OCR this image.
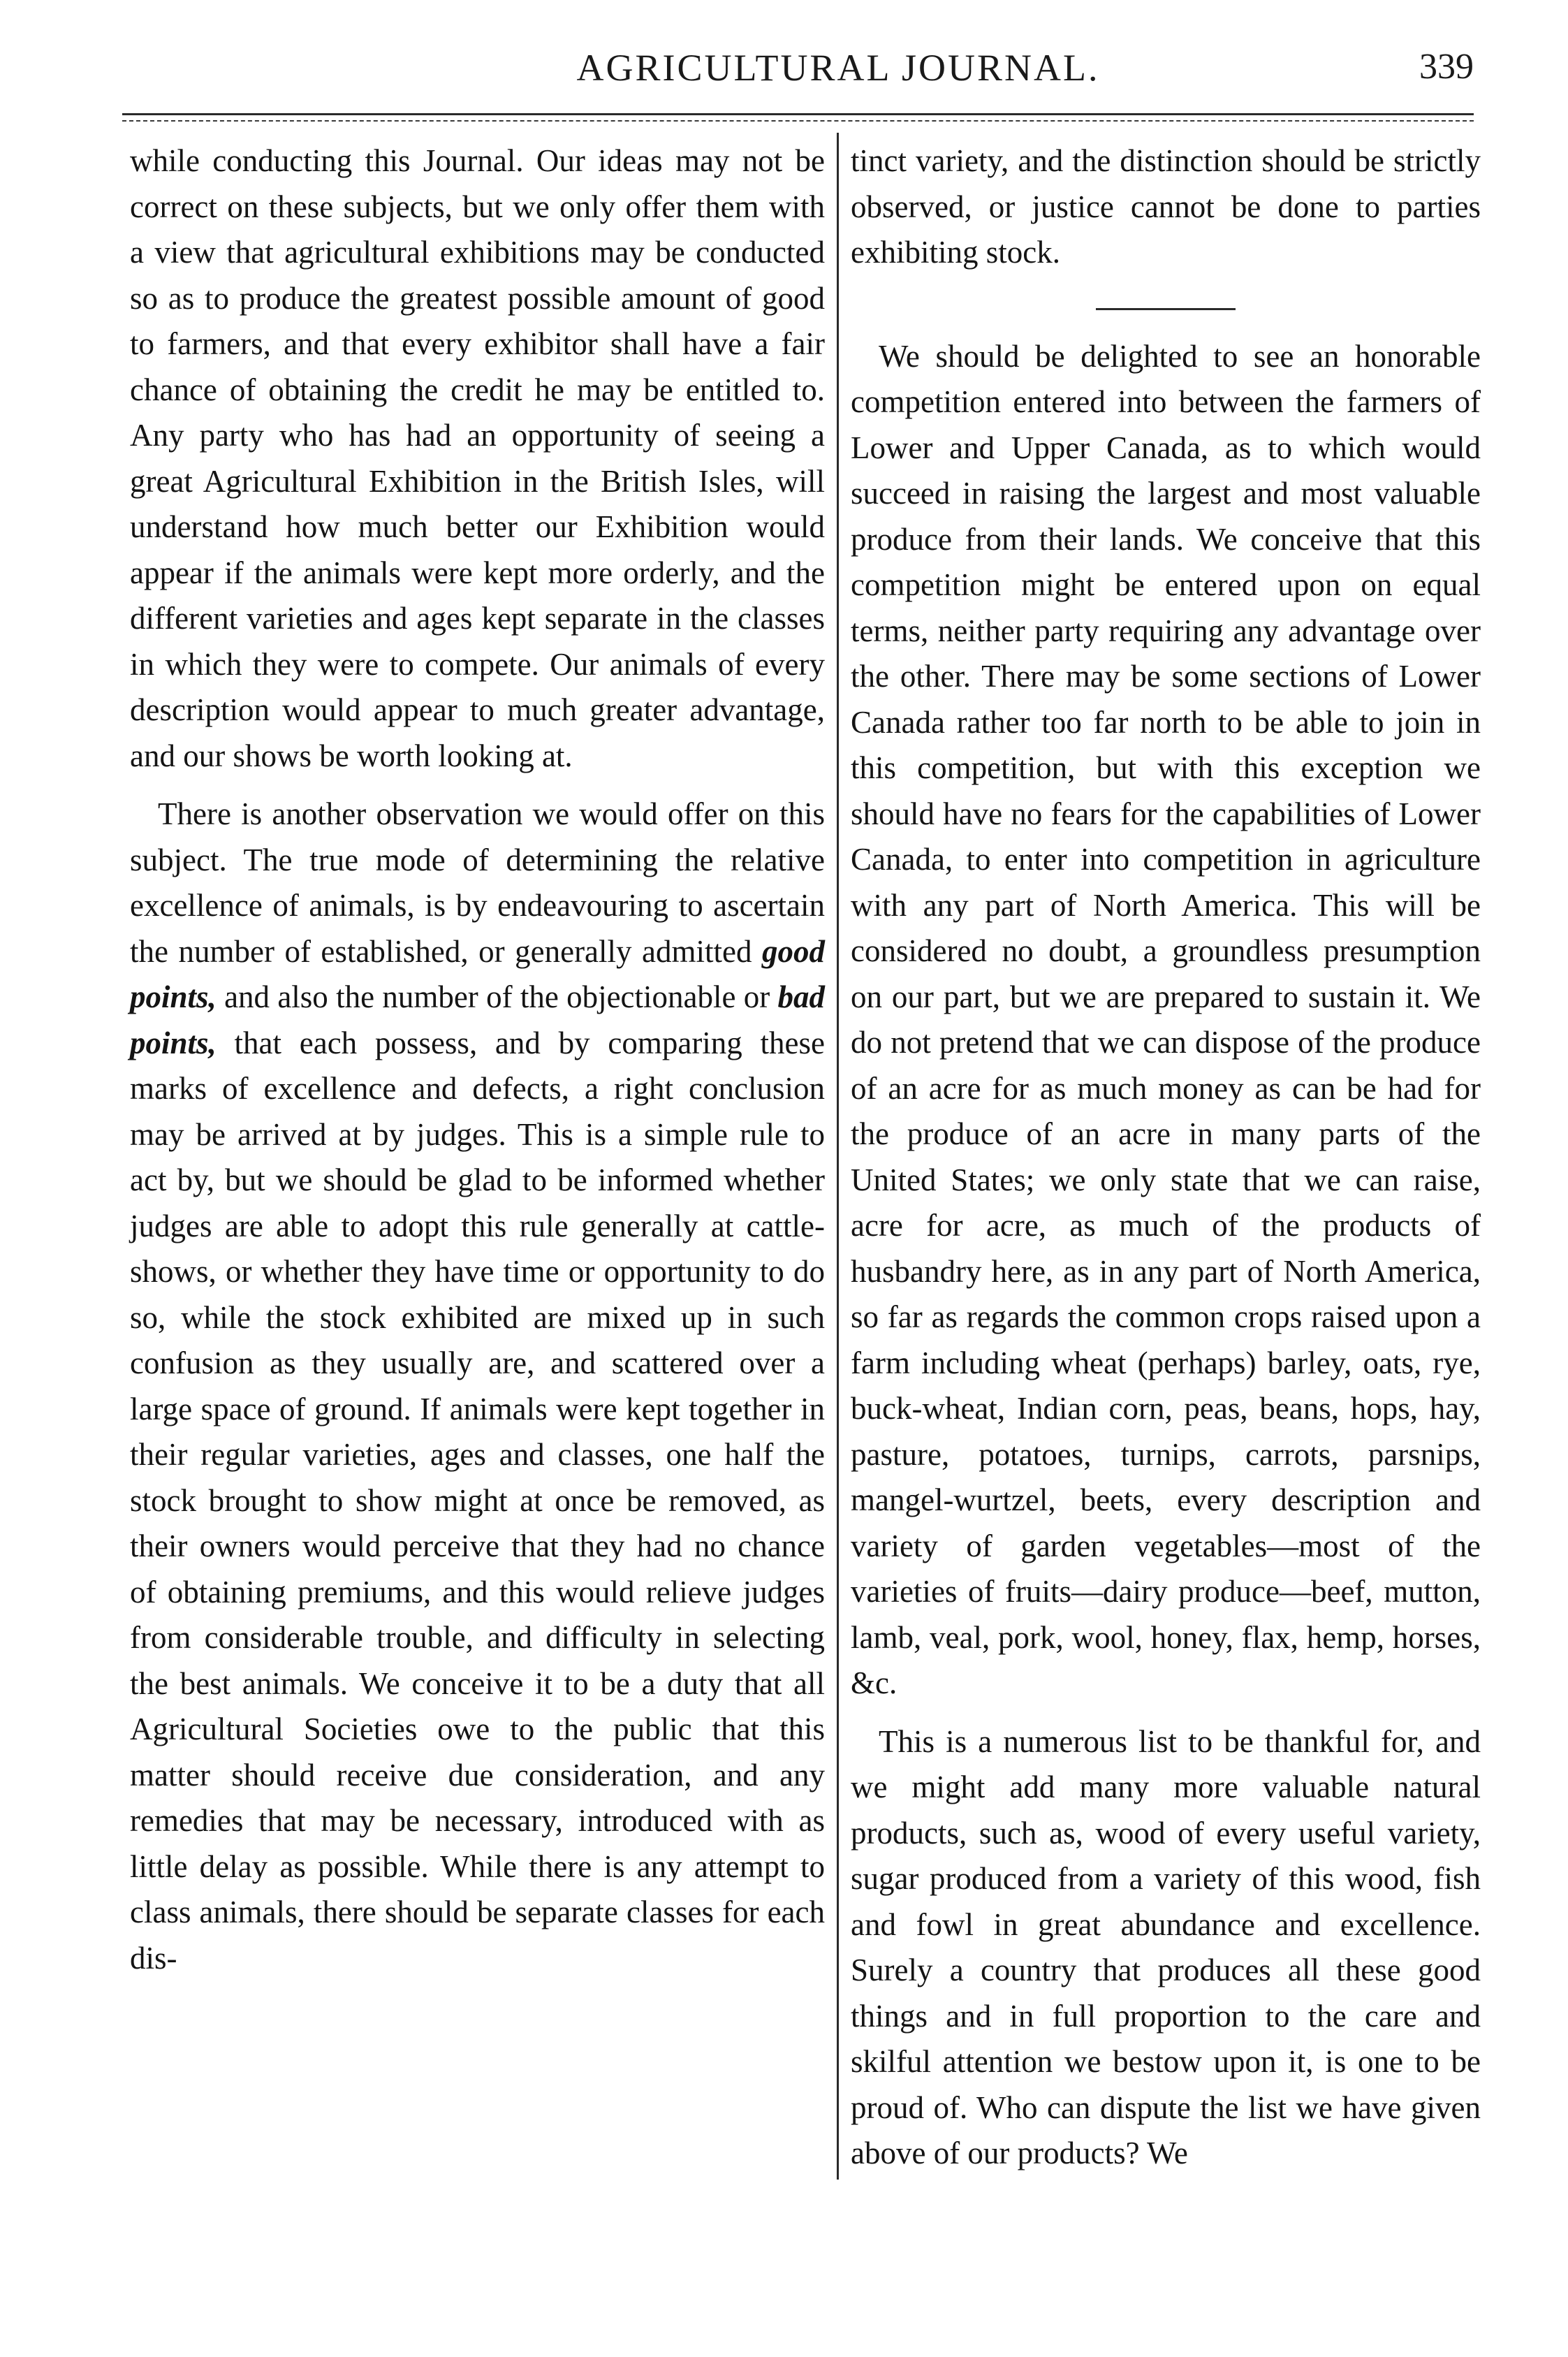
AGRICULTURAL JOURNAL.	339

while conducting this Journal. Our ideas may not be correct on these subjects, but we only offer them with a view that agricultural exhibitions may be conducted so as to produce the greatest possible amount of good to farmers, and that every exhibitor shall have a fair chance of obtaining the credit he may be entitled to. Any party who has had an opportunity of seeing a great Agricultural Exhibition in the British Isles, will understand how much better our Exhibition would appear if the animals were kept more orderly, and the different varieties and ages kept separate in the classes in which they were to compete. Our animals of every description would appear to much greater advantage, and our shows be worth looking at.

There is another observation we would offer on this subject. The true mode of determining the relative excellence of animals, is by endeavouring to ascertain the number of established, or generally admitted good points, and also the number of the objectionable or bad points, that each possess, and by comparing these marks of excellence and defects, a right conclusion may be arrived at by judges. This is a simple rule to act by, but we should be glad to be informed whether judges are able to adopt this rule generally at cattle-shows, or whether they have time or opportunity to do so, while the stock exhibited are mixed up in such confusion as they usually are, and scattered over a large space of ground. If animals were kept together in their regular varieties, ages and classes, one half the stock brought to show might at once be removed, as their owners would perceive that they had no chance of obtaining premiums, and this would relieve judges from considerable trouble, and difficulty in selecting the best animals. We conceive it to be a duty that all Agricultural Societies owe to the public that this matter should receive due consideration, and any remedies that may be necessary, introduced with as little delay as possible. While there is any attempt to class animals, there should be separate classes for each dis-

tinct variety, and the distinction should be strictly observed, or justice cannot be done to parties exhibiting stock.

We should be delighted to see an honorable competition entered into between the farmers of Lower and Upper Canada, as to which would succeed in raising the largest and most valuable produce from their lands. We conceive that this competition might be entered upon on equal terms, neither party requiring any advantage over the other. There may be some sections of Lower Canada rather too far north to be able to join in this competition, but with this exception we should have no fears for the capabilities of Lower Canada, to enter into competition in agriculture with any part of North America. This will be considered no doubt, a groundless presumption on our part, but we are prepared to sustain it. We do not pretend that we can dispose of the produce of an acre for as much money as can be had for the produce of an acre in many parts of the United States; we only state that we can raise, acre for acre, as much of the products of husbandry here, as in any part of North America, so far as regards the common crops raised upon a farm including wheat (perhaps) barley, oats, rye, buck-wheat, Indian corn, peas, beans, hops, hay, pasture, potatoes, turnips, carrots, parsnips, mangel-wurtzel, beets, every description and variety of garden vegetables—most of the varieties of fruits—dairy produce—beef, mutton, lamb, veal, pork, wool, honey, flax, hemp, horses, &c.

This is a numerous list to be thankful for, and we might add many more valuable natural products, such as, wood of every useful variety, sugar produced from a variety of this wood, fish and fowl in great abundance and excellence. Surely a country that produces all these good things and in full proportion to the care and skilful attention we bestow upon it, is one to be proud of. Who can dispute the list we have given above of our products? We
